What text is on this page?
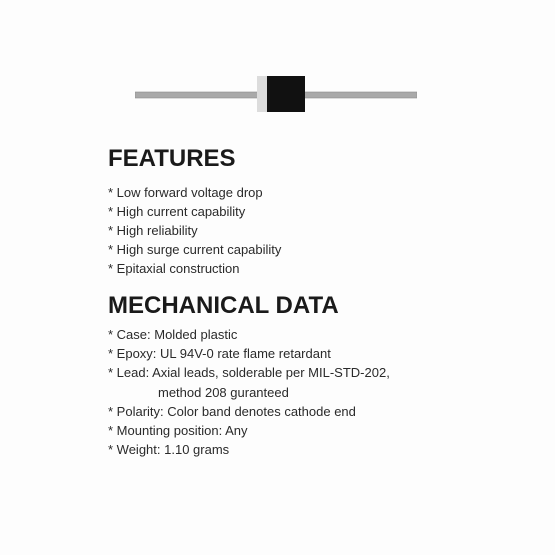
FEATURES
* Low forward voltage drop
* High current capability
* High reliability
* High surge current capability
* Epitaxial construction
MECHANICAL DATA
* Case: Molded plastic
* Epoxy: UL 94V-0 rate flame retardant
* Lead: Axial leads, solderable per MIL-STD-202,
method 208 guranteed
* Polarity: Color band denotes cathode end
* Mounting position: Any
* Weight: 1.10 grams
